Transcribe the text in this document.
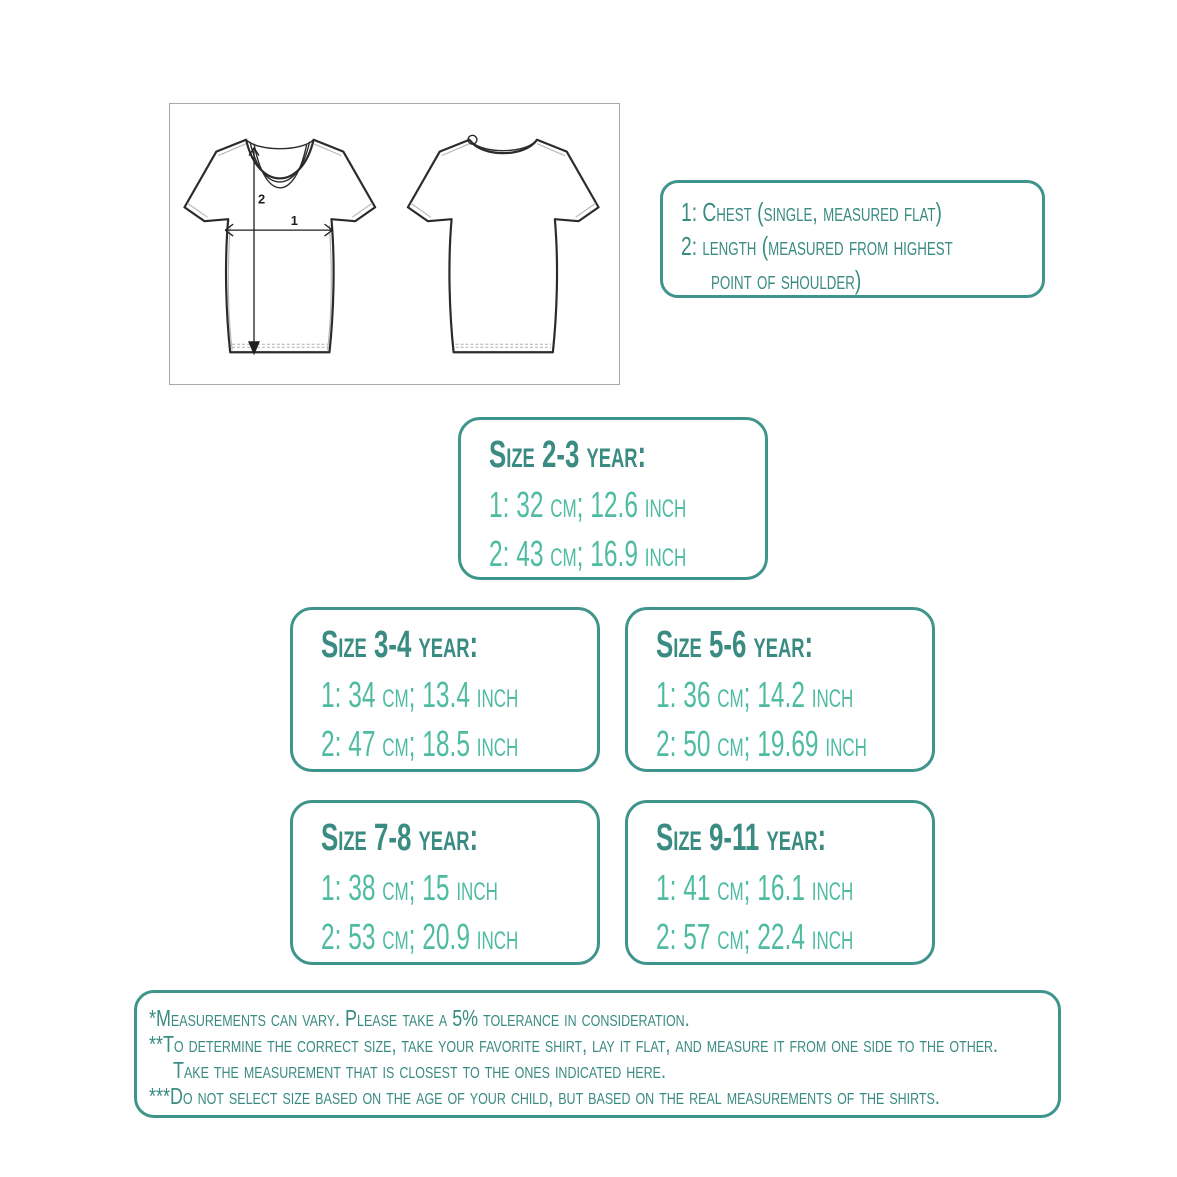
1
2	1: Chest (single, measured flat)
2: length (measured from highest
point of shoulder)
Size 2-3 year:
1: 32 cm; 12.6 inch
2: 43 cm; 16.9 inch
Size 3-4 year:
1: 34 cm; 13.4 inch
2: 47 cm; 18.5 inch
Size 5-6 year:
1: 36 cm; 14.2 inch
2: 50 cm; 19.69 inch
Size 7-8 year:
1: 38 cm; 15 inch
2: 53 cm; 20.9 inch
Size 9-11 year:
1: 41 cm; 16.1 inch
2: 57 cm; 22.4 inch
*Measurements can vary. Please take a 5% tolerance in consideration.
**To determine the correct size, take your favorite shirt, lay it flat, and measure it from one side to the other.
Take the measurement that is closest to the ones indicated here.
***Do not select size based on the age of your child, but based on the real measurements of the shirts.
